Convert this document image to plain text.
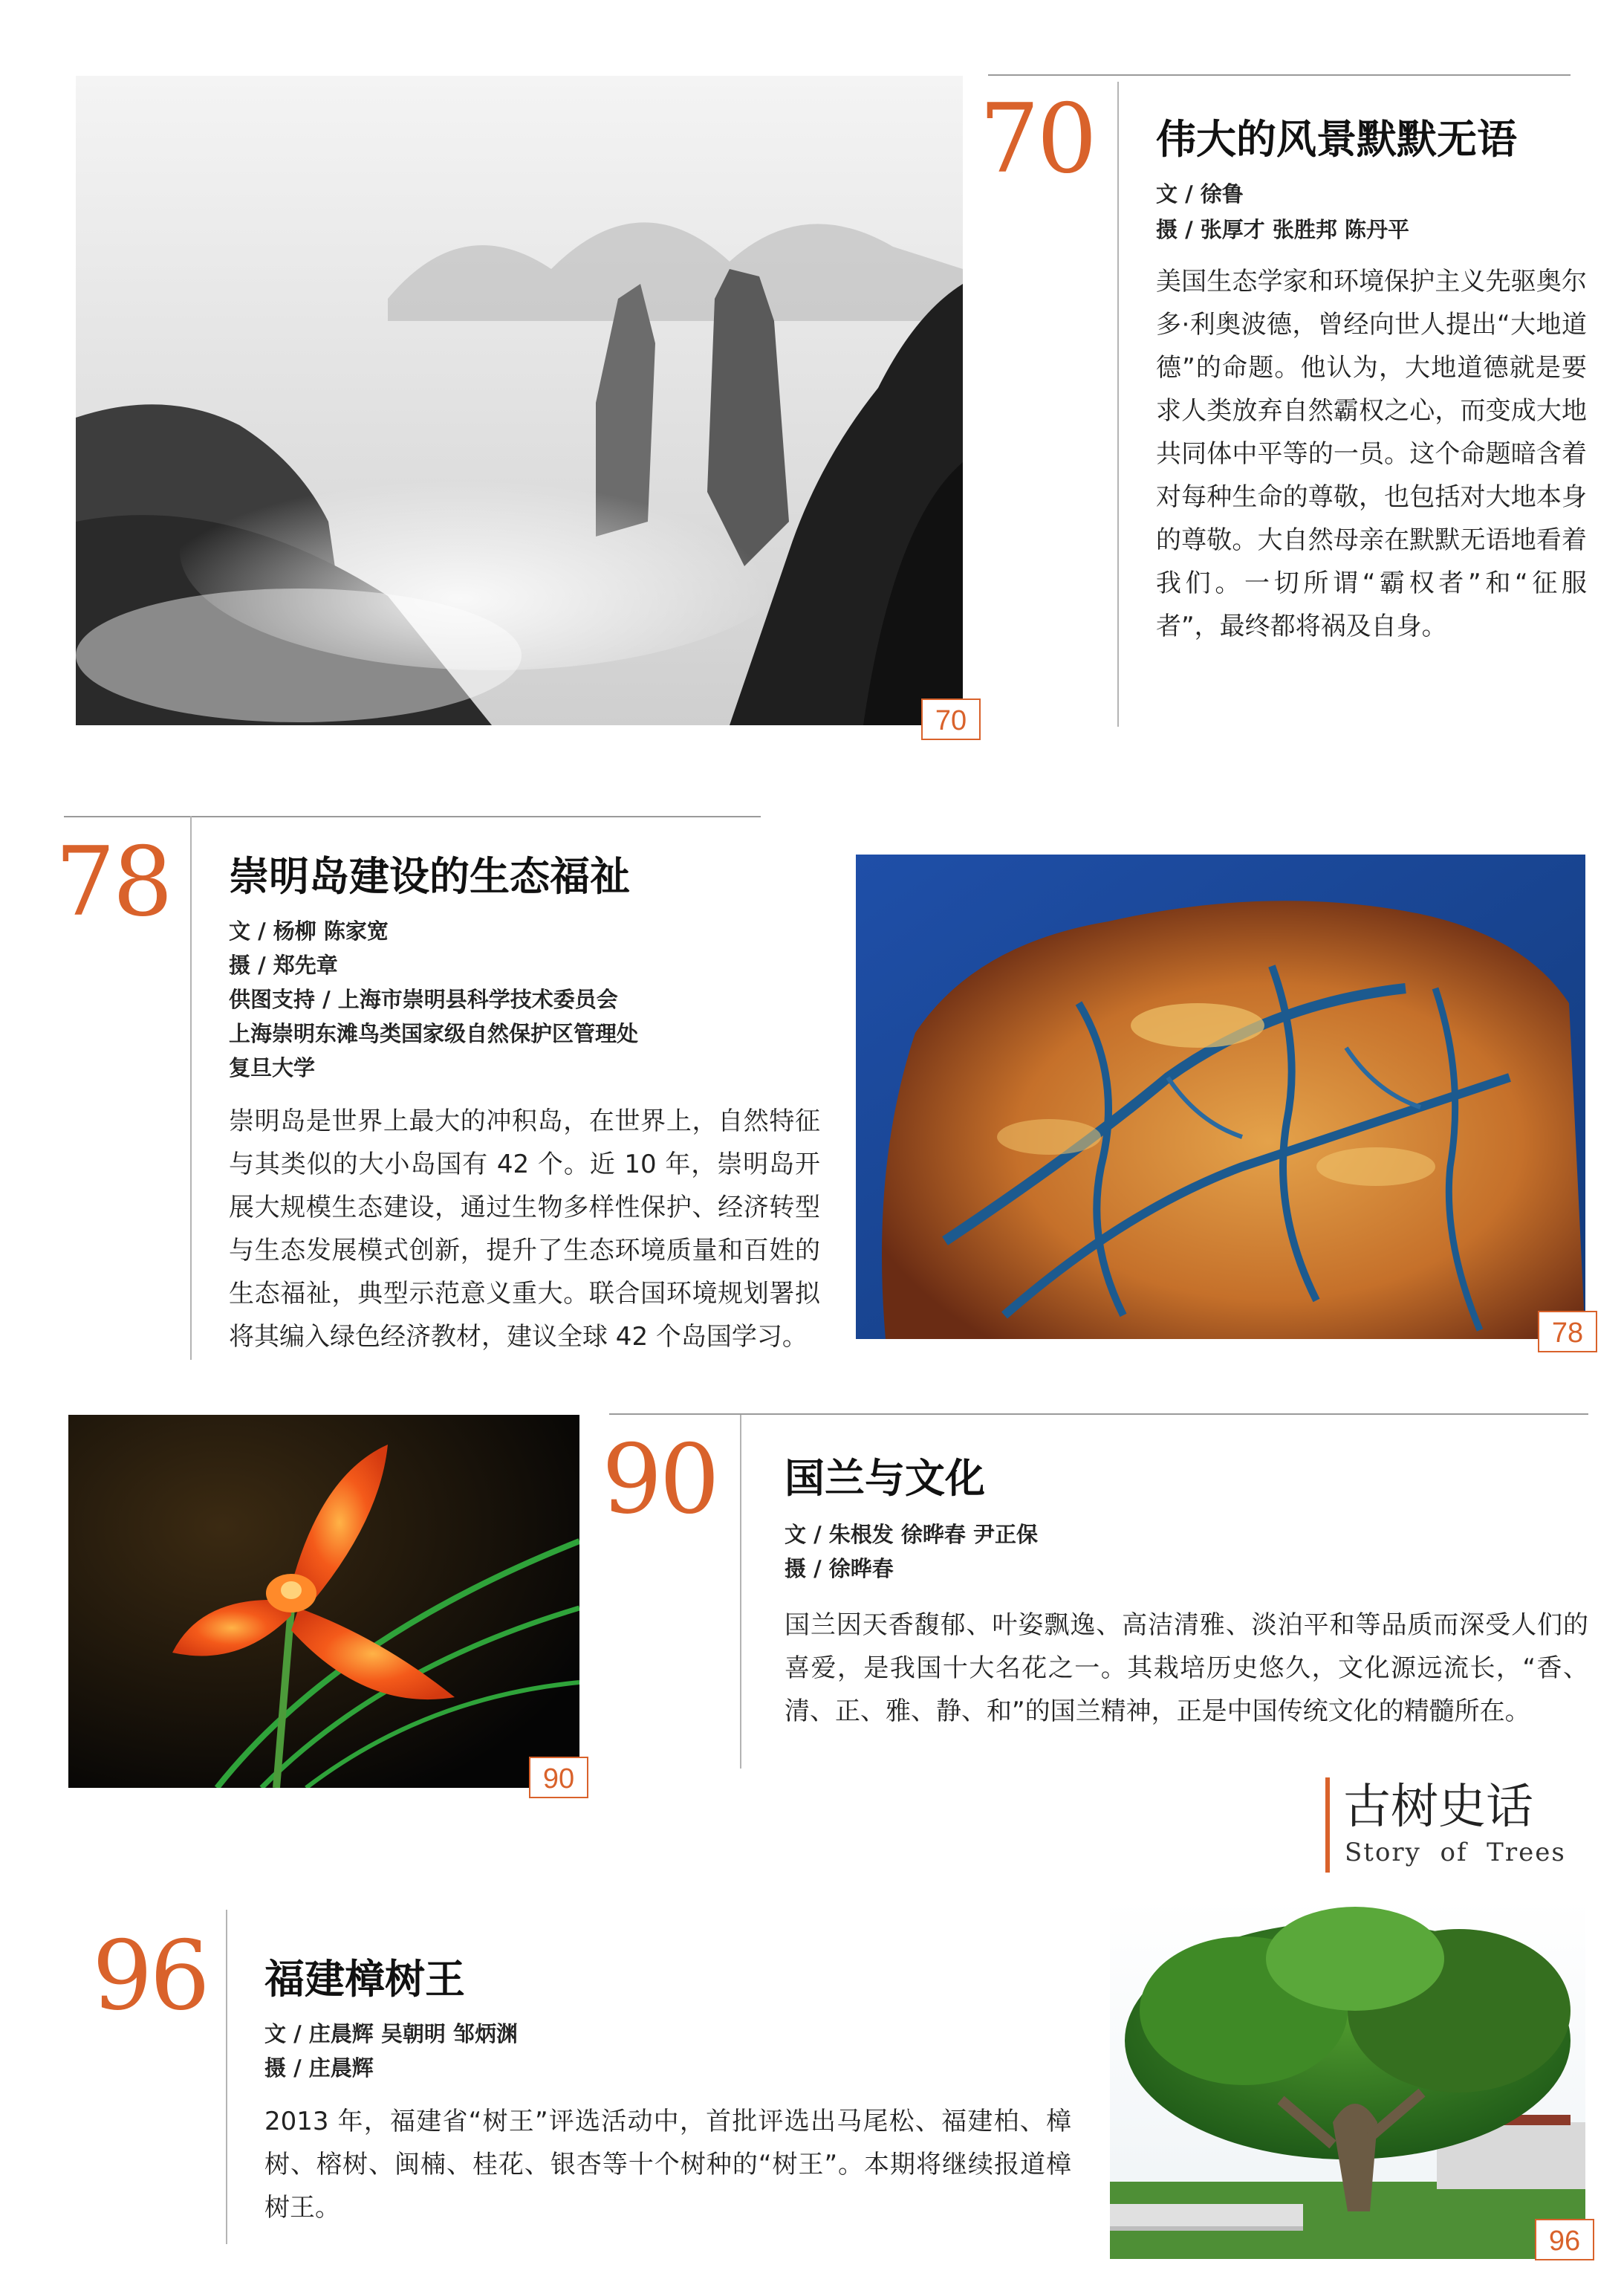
70
70 伟大的风景默默无语
文 / 徐鲁
摄 / 张厚才 张胜邦 陈丹平
美国生态学家和环境保护主义先驱奥尔多·利奥波德，曾经向世人提出“大地道德”的命题。他认为，大地道德就是要求人类放弃自然霸权之心，而变成大地共同体中平等的一员。这个命题暗含着对每种生命的尊敬，也包括对大地本身的尊敬。大自然母亲在默默无语地看着我们。一切所谓“霸权者”和“征服者”，最终都将祸及自身。
78 崇明岛建设的生态福祉
文 / 杨柳 陈家宽
摄 / 郑先章
供图支持 / 上海市崇明县科学技术委员会
上海崇明东滩鸟类国家级自然保护区管理处
复旦大学
崇明岛是世界上最大的冲积岛，在世界上，自然特征与其类似的大小岛国有 42 个。近 10 年，崇明岛开展大规模生态建设，通过生物多样性保护、经济转型与生态发展模式创新，提升了生态环境质量和百姓的生态福祉，典型示范意义重大。联合国环境规划署拟将其编入绿色经济教材，建议全球 42 个岛国学习。	78
90
90 国兰与文化
文 / 朱根发 徐晔春 尹正保
摄 / 徐晔春
国兰因天香馥郁、叶姿飘逸、高洁清雅、淡泊平和等品质而深受人们的喜爱，是我国十大名花之一。其栽培历史悠久，文化源远流长，“香、清、正、雅、静、和”的国兰精神，正是中国传统文化的精髓所在。
古树史话
Story  of  Trees
96 福建樟树王
文 / 庄晨辉 吴朝明 邹炳渊
摄 / 庄晨辉
2013 年，福建省“树王”评选活动中，首批评选出马尾松、福建柏、樟树、榕树、闽楠、桂花、银杏等十个树种的“树王”。本期将继续报道樟树王。
96
